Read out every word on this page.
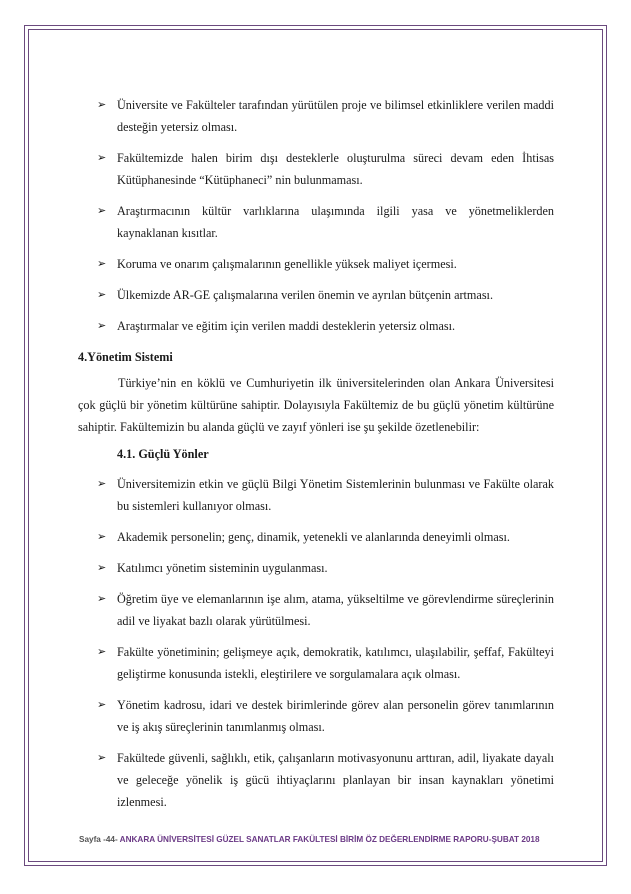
➢ Üniversite ve Fakülteler tarafından yürütülen proje ve bilimsel etkinliklere verilen maddi desteğin yetersiz olması.
➢ Fakültemizde halen birim dışı desteklerle oluşturulma süreci devam eden İhtisas Kütüphanesinde “Kütüphaneci” nin bulunmaması.
➢ Araştırmacının kültür varlıklarına ulaşımında ilgili yasa ve yönetmeliklerden kaynaklanan kısıtlar.
➢ Koruma ve onarım çalışmalarının genellikle yüksek maliyet içermesi.
➢ Ülkemizde AR-GE çalışmalarına verilen önemin ve ayrılan bütçenin artması.
➢ Araştırmalar ve eğitim için verilen maddi desteklerin yetersiz olması.

4.Yönetim Sistemi

Türkiye’nin en köklü ve Cumhuriyetin ilk üniversitelerinden olan Ankara Üniversitesi çok güçlü bir yönetim kültürüne sahiptir. Dolayısıyla Fakültemiz de bu güçlü yönetim kültürüne sahiptir. Fakültemizin bu alanda güçlü ve zayıf yönleri ise şu şekilde özetlenebilir:

4.1. Güçlü Yönler

➢ Üniversitemizin etkin ve güçlü Bilgi Yönetim Sistemlerinin bulunması ve Fakülte olarak bu sistemleri kullanıyor olması.
➢ Akademik personelin; genç, dinamik, yetenekli ve alanlarında deneyimli olması.
➢ Katılımcı yönetim sisteminin uygulanması.
➢ Öğretim üye ve elemanlarının işe alım, atama, yükseltilme ve görevlendirme süreçlerinin adil ve liyakat bazlı olarak yürütülmesi.
➢ Fakülte yönetiminin; gelişmeye açık, demokratik, katılımcı, ulaşılabilir, şeffaf, Fakülteyi geliştirme konusunda istekli, eleştirilere ve sorgulamalara açık olması.
➢ Yönetim kadrosu, idari ve destek birimlerinde görev alan personelin görev tanımlarının ve iş akış süreçlerinin tanımlanmış olması.
➢ Fakültede güvenli, sağlıklı, etik, çalışanların motivasyonunu arttıran, adil, liyakate dayalı ve geleceğe yönelik iş gücü ihtiyaçlarını planlayan bir insan kaynakları yönetimi izlenmesi.
Sayfa -44- ANKARA ÜNİVERSİTESİ GÜZEL SANATLAR FAKÜLTESİ BİRİM ÖZ DEĞERLENDİRME RAPORU-ŞUBAT 2018
